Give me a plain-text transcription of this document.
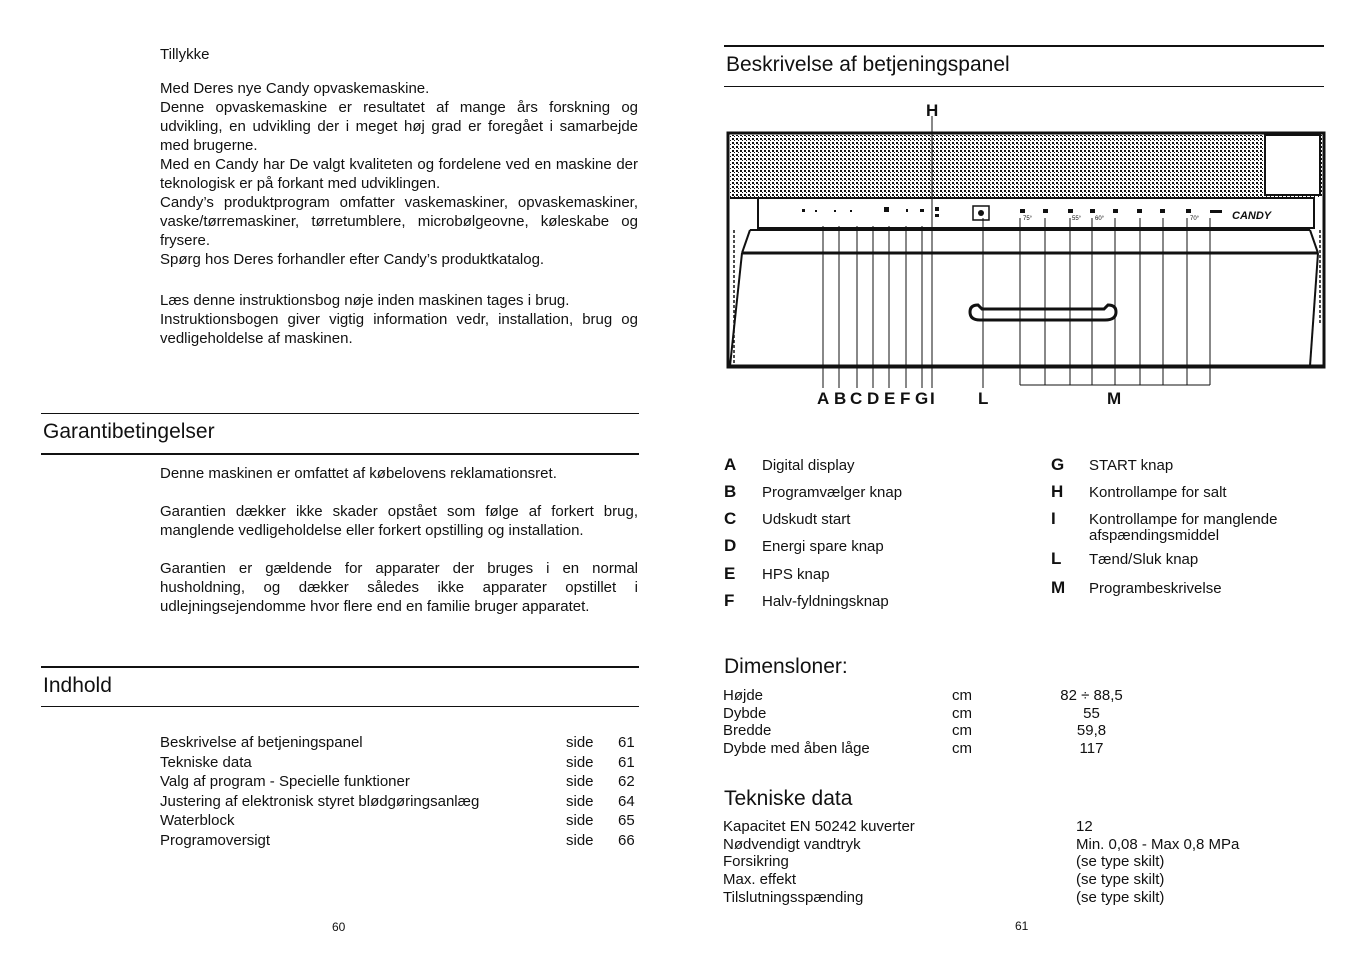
Tillykke

Med Deres nye Candy opvaskemaskine.

Denne opvaskemaskine er resultatet af mange års forskning og udvikling, en udvikling der i meget høj grad er foregået i samarbejde med brugerne.

Med en Candy har De valgt kvaliteten og fordelene ved en maskine der teknologisk er på forkant med udviklingen.

Candy’s produktprogram omfatter vaskemaskiner, opvaskemaskiner, vaske/tørremaskiner, tørretumblere, microbølgeovne, køleskabe og frysere.

Spørg hos Deres forhandler efter Candy’s produktkatalog.

Læs denne instruktionsbog nøje inden maskinen tages i brug.

Instruktionsbogen giver vigtig information vedr, installation, brug og vedligeholdelse af maskinen.

Garantibetingelser

Denne maskinen er omfattet af købelovens reklamationsret.

Garantien dækker ikke skader opstået som følge af forkert brug, manglende vedligeholdelse eller forkert opstilling og installation.

Garantien er gældende for apparater der bruges i en normal husholdning, og dækker således ikke apparater opstillet i udlejningsejendomme hvor flere end en familie bruger apparatet.

Indhold
Beskrivelse af betjeningspanel	side	61
Tekniske data	side	61
Valg af program - Specielle funktioner	side	62
Justering af elektronisk styret blødgøringsanlæg	side	64
Waterblock	side	65
Programoversigt	side	66
60
Beskrivelse af betjeningspanel
75°	55° 60°	70°	CANDY
H
A B C D E F G I	L	M
A	Digital display
B	Programvælger knap
C	Udskudt start
D	Energi spare knap
E	HPS knap
F	Halv-fyldningsknap
G	START knap
H	Kontrollampe for salt
I	Kontrollampe for manglende afspændingsmiddel
L	Tænd/Sluk knap
M	Programbeskrivelse
Dimensloner:
Højde	cm	82 ÷ 88,5
Dybde	cm	55
Bredde	cm	59,8
Dybde med åben låge	cm	117
Tekniske data
Kapacitet EN 50242 kuverter	12
Nødvendigt vandtryk	Min. 0,08 - Max 0,8 MPa
Forsikring	(se type skilt)
Max. effekt	(se type skilt)
Tilslutningsspænding	(se type skilt)
61
